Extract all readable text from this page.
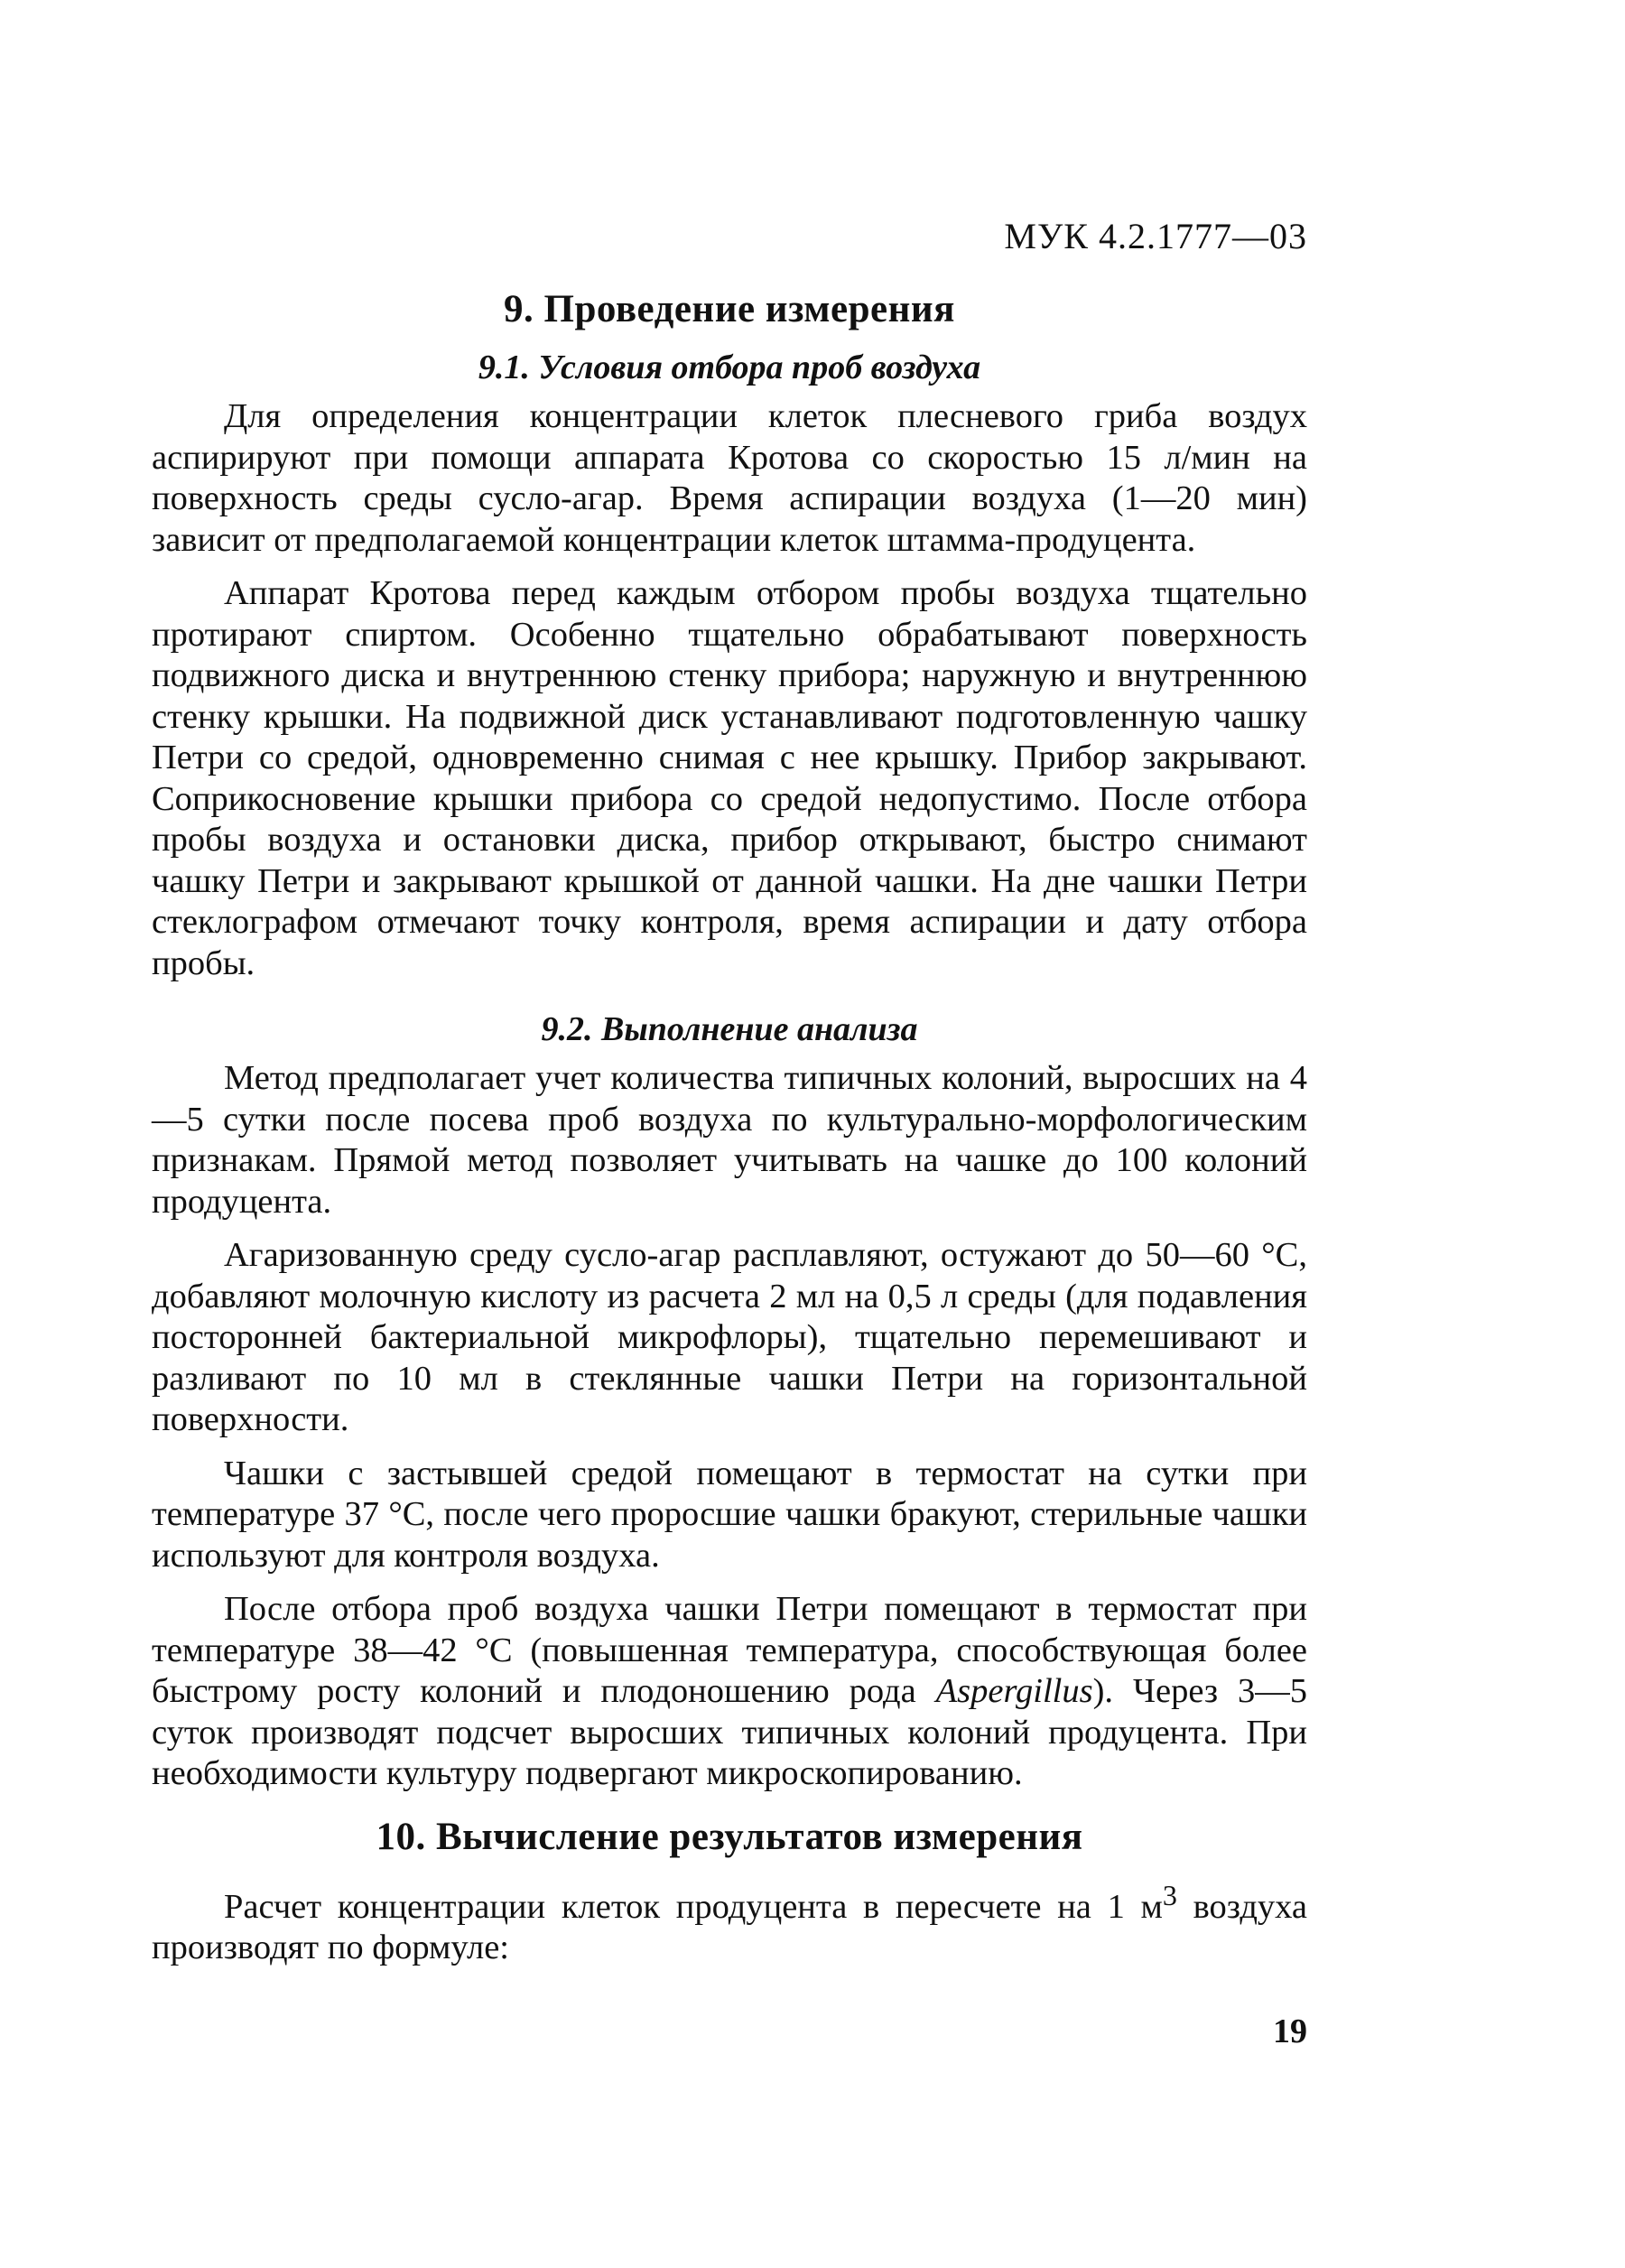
МУК 4.2.1777—03
9. Проведение измерения
9.1. Условия отбора проб воздуха

Для определения концентрации клеток плесневого гриба воздух аспирируют при помощи аппарата Кротова со скоростью 15 л/мин на поверхность среды сусло-агар. Время аспирации воздуха (1—20 мин) зависит от предполагаемой концентрации клеток штамма-продуцента.

Аппарат Кротова перед каждым отбором пробы воздуха тщательно протирают спиртом. Особенно тщательно обрабатывают поверхность подвижного диска и внутреннюю стенку прибора; наружную и внутреннюю стенку крышки. На подвижной диск устанавливают подготовленную чашку Петри со средой, одновременно снимая с нее крышку. Прибор закрывают. Соприкосновение крышки прибора со средой недопустимо. После отбора пробы воздуха и остановки диска, прибор открывают, быстро снимают чашку Петри и закрывают крышкой от данной чашки. На дне чашки Петри стеклографом отмечают точку контроля, время аспирации и дату отбора пробы.

9.2. Выполнение анализа

Метод предполагает учет количества типичных колоний, выросших на 4—5 сутки после посева проб воздуха по культурально-морфологическим признакам. Прямой метод позволяет учитывать на чашке до 100 колоний продуцента.

Агаризованную среду сусло-агар расплавляют, остужают до 50—60 °С, добавляют молочную кислоту из расчета 2 мл на 0,5 л среды (для подавления посторонней бактериальной микрофлоры), тщательно перемешивают и разливают по 10 мл в стеклянные чашки Петри на горизонтальной поверхности.

Чашки с застывшей средой помещают в термостат на сутки при температуре 37 °С, после чего проросшие чашки бракуют, стерильные чашки используют для контроля воздуха.

После отбора проб воздуха чашки Петри помещают в термостат при температуре 38—42 °С (повышенная температура, способствующая более быстрому росту колоний и плодоношению рода Aspergillus). Через 3—5 суток производят подсчет выросших типичных колоний продуцента. При необходимости культуру подвергают микроскопированию.

10. Вычисление результатов измерения

Расчет концентрации клеток продуцента в пересчете на 1 $м^3$ воздуха производят по формуле:

19
